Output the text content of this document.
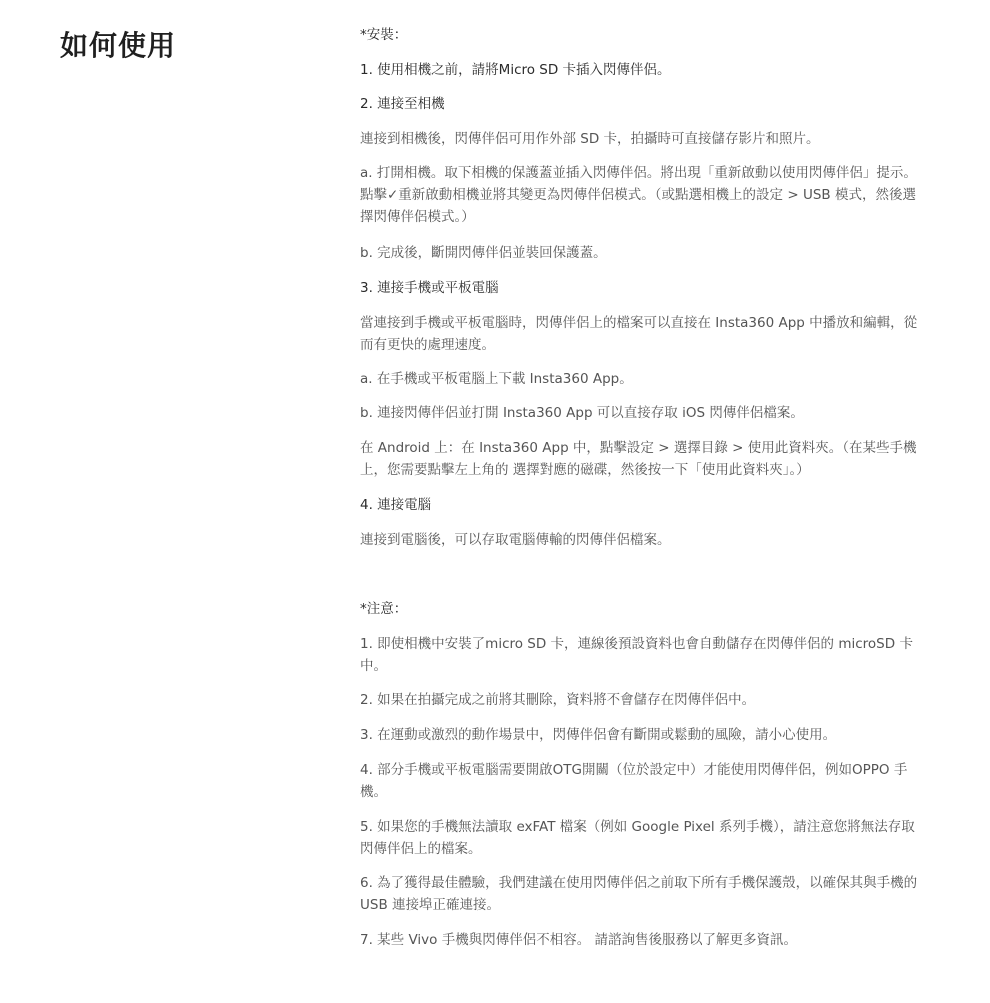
如何使用	*安裝：

1. 使用相機之前，請將Micro SD 卡插入閃傳伴侶。

2. 連接至相機

連接到相機後，閃傳伴侶可用作外部 SD 卡，拍攝時可直接儲存影片和照片。

a. 打開相機。取下相機的保護蓋並插入閃傳伴侶。將出現「重新啟動以使用閃傳伴侶」提示。點擊✓重新啟動相機並將其變更為閃傳伴侶模式。（或點選相機上的設定 > USB 模式，然後選擇閃傳伴侶模式。）

b. 完成後，斷開閃傳伴侶並裝回保護蓋。

3. 連接手機或平板電腦

當連接到手機或平板電腦時，閃傳伴侶上的檔案可以直接在 Insta360 App 中播放和編輯，從而有更快的處理速度。

a. 在手機或平板電腦上下載 Insta360 App。

b. 連接閃傳伴侶並打開 Insta360 App 可以直接存取 iOS 閃傳伴侶檔案。

在 Android 上：在 Insta360 App 中，點擊設定 > 選擇目錄 > 使用此資料夾。（在某些手機上，您需要點擊左上角的 選擇對應的磁碟，然後按一下「使用此資料夾」。）

4. 連接電腦

連接到電腦後，可以存取電腦傳輸的閃傳伴侶檔案。

*注意：

1. 即使相機中安裝了micro SD 卡，連線後預設資料也會自動儲存在閃傳伴侶的 microSD 卡中。

2. 如果在拍攝完成之前將其刪除，資料將不會儲存在閃傳伴侶中。

3. 在運動或激烈的動作場景中，閃傳伴侶會有斷開或鬆動的風險，請小心使用。

4. 部分手機或平板電腦需要開啟OTG開關（位於設定中）才能使用閃傳伴侶，例如OPPO 手機。

5. 如果您的手機無法讀取 exFAT 檔案（例如 Google Pixel 系列手機），請注意您將無法存取閃傳伴侶上的檔案。

6. 為了獲得最佳體驗，我們建議在使用閃傳伴侶之前取下所有手機保護殼，以確保其與手機的 USB 連接埠正確連接。

7. 某些 Vivo 手機與閃傳伴侶不相容。 請諮詢售後服務以了解更多資訊。
